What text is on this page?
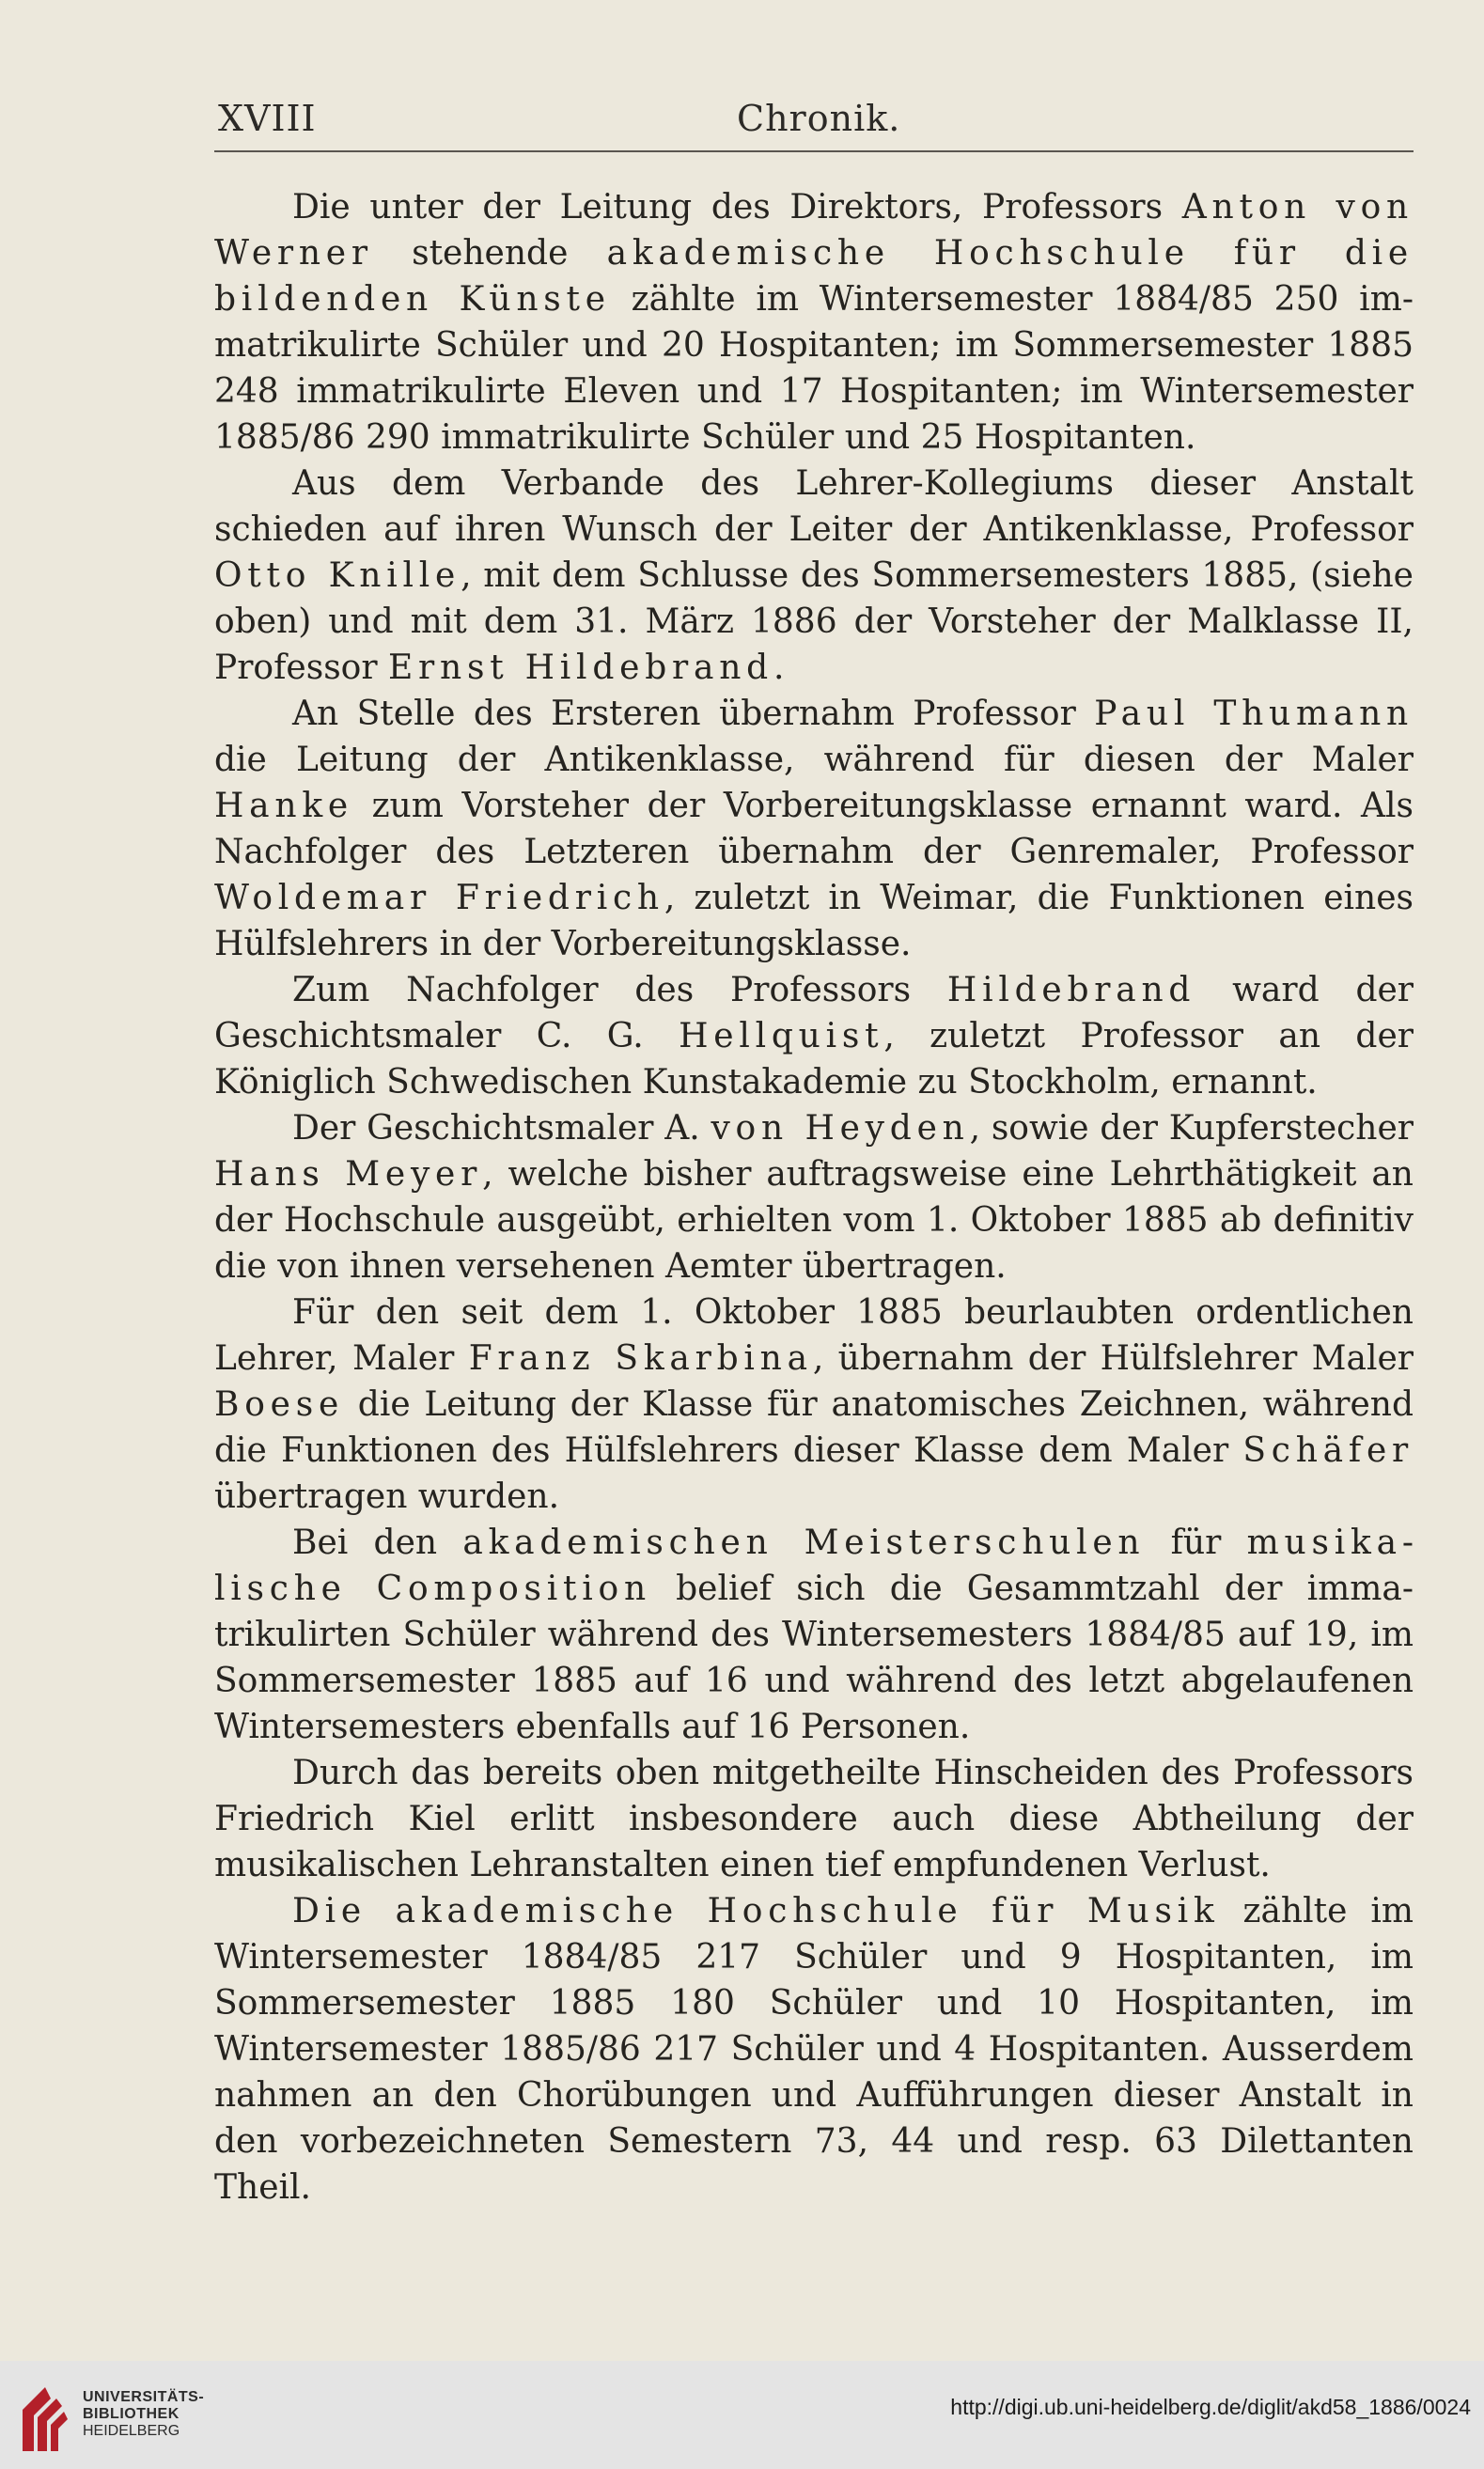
XVIII	Chronik.

Die unter der Leitung des Direktors, Professors Anton von Werner stehende akademische Hochschule für die bildenden Künste zählte im Wintersemester 1884/85 250 immatrikulirte Schüler und 20 Hospitanten; im Sommersemester 1885 248 immatrikulirte Eleven und 17 Hospitanten; im Wintersemester 1885/86 290 immatrikulirte Schüler und 25 Hospitanten.

Aus dem Verbande des Lehrer-Kollegiums dieser Anstalt schieden auf ihren Wunsch der Leiter der Antikenklasse, Professor Otto Knille, mit dem Schlusse des Sommersemesters 1885, (siehe oben) und mit dem 31. März 1886 der Vorsteher der Malklasse II, Professor Ernst Hildebrand.

An Stelle des Ersteren übernahm Professor Paul Thumann die Leitung der Antikenklasse, während für diesen der Maler Hanke zum Vorsteher der Vorbereitungsklasse ernannt ward. Als Nachfolger des Letzteren übernahm der Genremaler, Professor Woldemar Friedrich, zuletzt in Weimar, die Funktionen eines Hülfslehrers in der Vorbereitungsklasse.

Zum Nachfolger des Professors Hildebrand ward der Geschichtsmaler C. G. Hellquist, zuletzt Professor an der Königlich Schwedischen Kunstakademie zu Stockholm, ernannt.

Der Geschichtsmaler A. von Heyden, sowie der Kupferstecher Hans Meyer, welche bisher auftragsweise eine Lehrthätigkeit an der Hochschule ausgeübt, erhielten vom 1. Oktober 1885 ab definitiv die von ihnen versehenen Aemter übertragen.

Für den seit dem 1. Oktober 1885 beurlaubten ordentlichen Lehrer, Maler Franz Skarbina, übernahm der Hülfslehrer Maler Boese die Leitung der Klasse für anatomisches Zeichnen, während die Funktionen des Hülfslehrers dieser Klasse dem Maler Schäfer übertragen wurden.

Bei den akademischen Meisterschulen für musikalische Composition belief sich die Gesammtzahl der immatrikulirten Schüler während des Wintersemesters 1884/85 auf 19, im Sommersemester 1885 auf 16 und während des letzt abgelaufenen Wintersemesters ebenfalls auf 16 Personen.

Durch das bereits oben mitgetheilte Hinscheiden des Professors Friedrich Kiel erlitt insbesondere auch diese Abtheilung der musikalischen Lehranstalten einen tief empfundenen Verlust.

Die akademische Hochschule für Musik zählte im Wintersemester 1884/85 217 Schüler und 9 Hospitanten, im Sommersemester 1885 180 Schüler und 10 Hospitanten, im Wintersemester 1885/86 217 Schüler und 4 Hospitanten. Ausserdem nahmen an den Chorübungen und Aufführungen dieser Anstalt in den vorbezeichneten Semestern 73, 44 und resp. 63 Dilettanten Theil.

UNIVERSITÄTS-
BIBLIOTHEK
HEIDELBERG
http://digi.ub.uni-heidelberg.de/diglit/akd58_1886/0024
